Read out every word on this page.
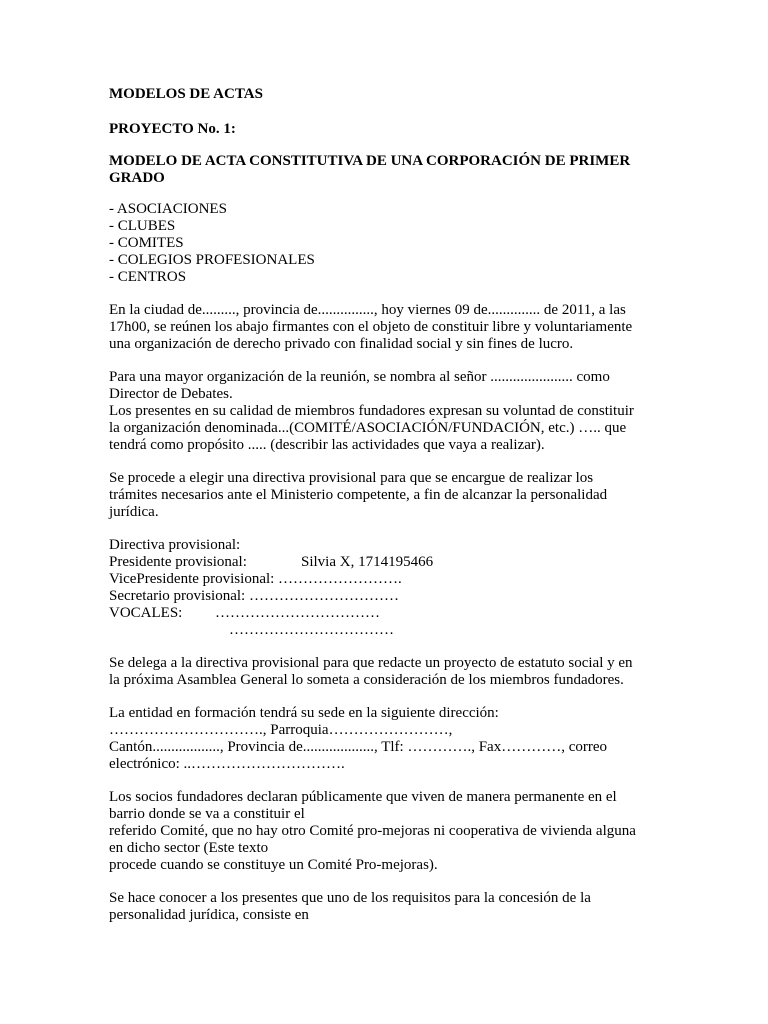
MODELOS DE ACTAS

PROYECTO No. 1:

MODELO DE ACTA CONSTITUTIVA DE UNA CORPORACIÓN DE PRIMER

GRADO

- ASOCIACIONES

- CLUBES

- COMITES

- COLEGIOS PROFESIONALES

- CENTROS

En la ciudad de........., provincia de..............., hoy viernes 09 de.............. de 2011, a las

17h00, se reúnen los abajo firmantes con el objeto de constituir libre y voluntariamente

una organización de derecho privado con finalidad social y sin fines de lucro.

Para una mayor organización de la reunión, se nombra al señor ...................... como

Director de Debates.

Los presentes en su calidad de miembros fundadores expresan su voluntad de constituir

la organización denominada...(COMITÉ/ASOCIACIÓN/FUNDACIÓN, etc.) ….. que

tendrá como propósito ..... (describir las actividades que vaya a realizar).

Se procede a elegir una directiva provisional para que se encargue de realizar los

trámites necesarios ante el Ministerio competente, a fin de alcanzar la personalidad

jurídica.

Directiva provisional:

Presidente provisional:	Silvia X, 1714195466

VicePresidente provisional: …………………….

Secretario provisional: …………………………

VOCALES: ……………………………

……………………………

Se delega a la directiva provisional para que redacte un proyecto de estatuto social y en

la próxima Asamblea General lo someta a consideración de los miembros fundadores.

La entidad en formación tendrá su sede en la siguiente dirección:

…………………………., Parroquia……………………,

Cantón.................., Provincia de..................., Tlf: …………., Fax…………, correo

electrónico: ..………………………….

Los socios fundadores declaran públicamente que viven de manera permanente en el

barrio donde se va a constituir el

referido Comité, que no hay otro Comité pro-mejoras ni cooperativa de vivienda alguna

en dicho sector (Este texto

procede cuando se constituye un Comité Pro-mejoras).

Se hace conocer a los presentes que uno de los requisitos para la concesión de la

personalidad jurídica, consiste en
